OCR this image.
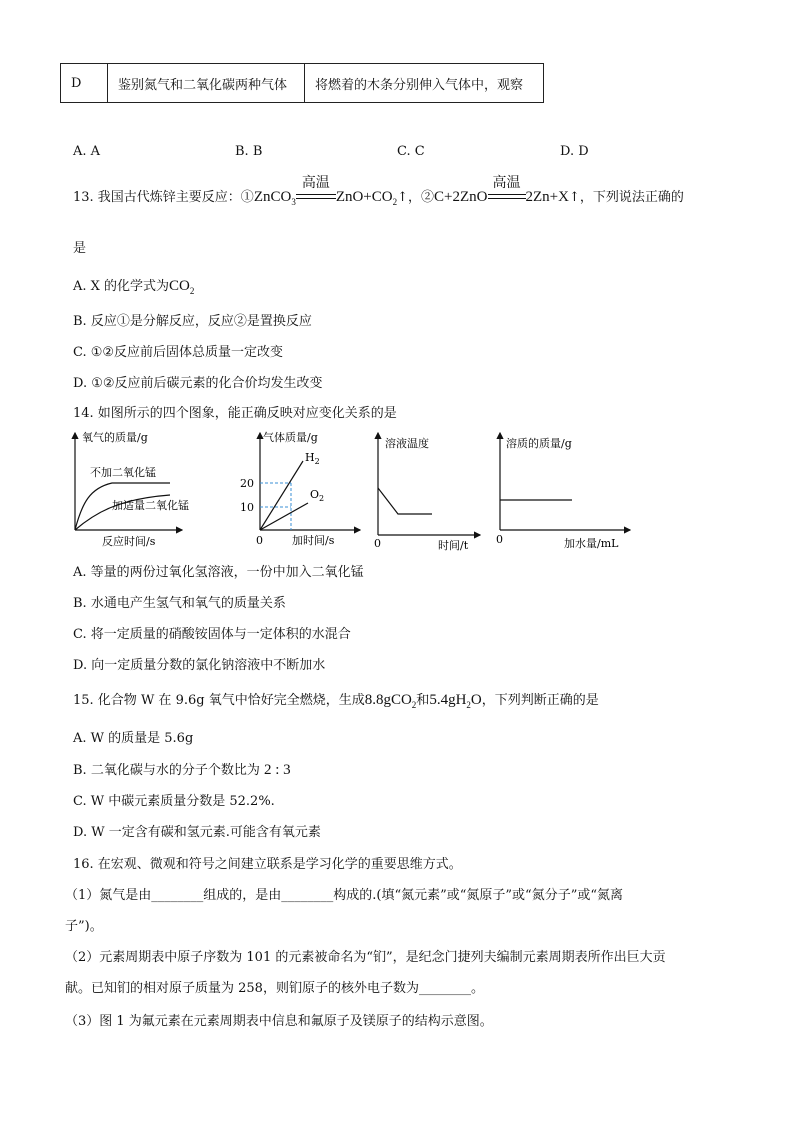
D	鉴别氮气和二氧化碳两种气体	将燃着的木条分别伸入气体中，观察
A. A	B. B	C. C	D. D
13. 我国古代炼锌主要反应：①ZnCO$_3$
高温
$ZnO+CO_2↑$，②C+2ZnO
高温
2Zn+X↑，下列说法正确的
是
A. X 的化学式为$CO_2$
B. 反应①是分解反应，反应②是置换反应
C. ①②反应前后固体总质量一定改变
D. ①②反应前后碳元素的化合价均发生改变
14. 如图所示的四个图象，能正确反映对应变化关系的是
氧气的质量/g
反应时间/s
不加二氧化锰
加适量二氧化锰
气体质量/g
0	加时间/s
20
10
$H_2$
$O_2$
溶液温度
0	时间/t
溶质的质量/g
0	加水量/mL
A. 等量的两份过氧化氢溶液，一份中加入二氧化锰
B. 水通电产生氢气和氧气的质量关系
C. 将一定质量的硝酸铵固体与一定体积的水混合
D. 向一定质量分数的氯化钠溶液中不断加水
15. 化合物 W 在 9.6g 氧气中恰好完全燃烧，生成8.8gCO$_2$和$5.4gH_2O$，下列判断正确的是
A. W 的质量是 5.6g
B. 二氧化碳与水的分子个数比为 2 : 3
C. W 中碳元素质量分数是 52.2%.
D. W 一定含有碳和氢元素.可能含有氧元素
16. 在宏观、微观和符号之间建立联系是学习化学的重要思维方式。
（1）氮气是由________组成的，是由________构成的.(填“氮元素”或“氮原子”或“氮分子”或“氮离
子”)。
（2）元素周期表中原子序数为 101 的元素被命名为“钔”，是纪念门捷列夫编制元素周期表所作出巨大贡
献。已知钔的相对原子质量为 258，则钔原子的核外电子数为________。
（3）图 1 为氟元素在元素周期表中信息和氟原子及镁原子的结构示意图。
